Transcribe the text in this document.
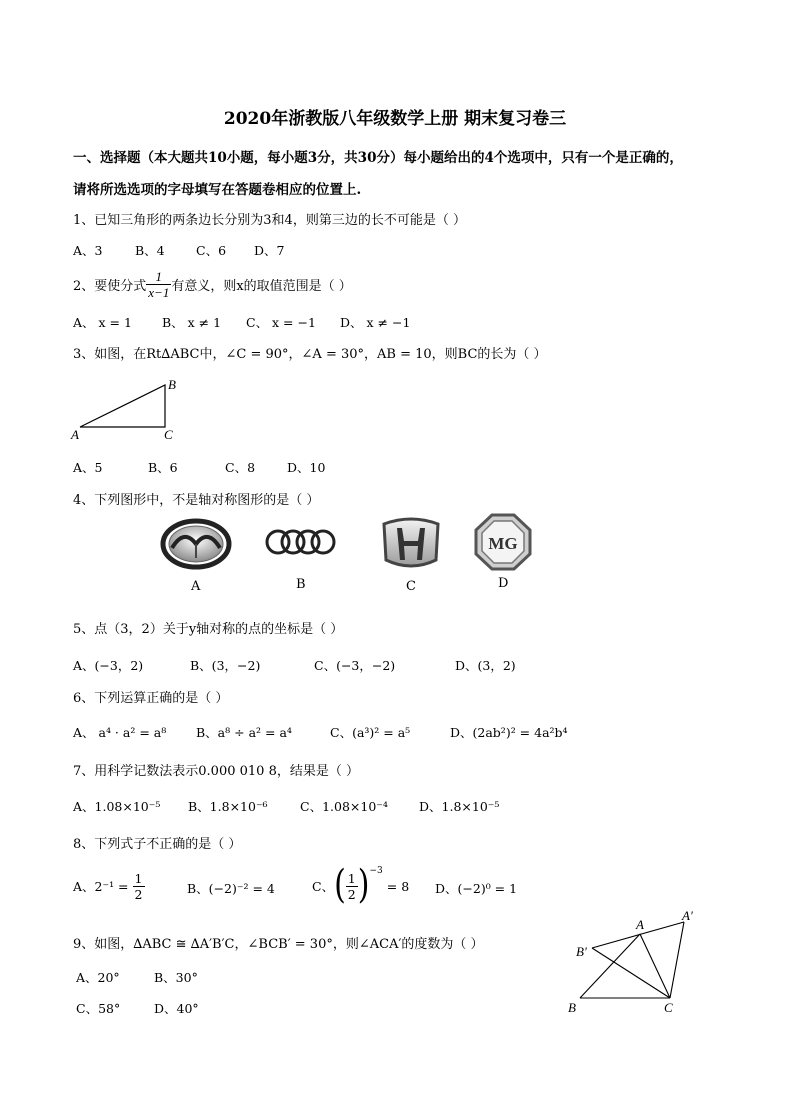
2020年浙教版八年级数学上册 期末复习卷三
一、选择题（本大题共10小题，每小题3分，共30分）每小题给出的4个选项中，只有一个是正确的，
请将所选选项的字母填写在答题卷相应的位置上.
1、已知三角形的两条边长分别为3和4，则第三边的长不可能是（ ）
A、3	B、4	C、6 D、7
2、要使分式 $\frac{1}{x-1}$ 有意义，则x的取值范围是（ ）
A、 x = 1 B、 x ≠ 1 C、 x = −1 D、 x ≠ −1
3、如图，在Rt∆ABC中，∠C = 90°，∠A = 30°，AB = 10，则BC的长为（ ）
A
B
C
A、5	B、6	C、8	D、10
4、下列图形中，不是轴对称图形的是（ ）
A	B	C
MG
D
5、点（3，2）关于y轴对称的点的坐标是（ ）
A、(−3，2)	B、(3，−2)	C、(−3，−2)	D、(3，2)
6、下列运算正确的是（ ）
A、 a⁴ · a² = a⁸ B、a⁸ ÷ a² = a⁴	C、(a³)² = a⁵	D、(2ab²)² = 4a²b⁴
7、用科学记数法表示0.000 010 8，结果是（ ）
A、1.08×10⁻⁵ B、1.8×10⁻⁶	C、1.08×10⁻⁴ D、1.8×10⁻⁵
8、下列式子不正确的是（ ）
A、$2^{-1} = \frac{1}{2}$	B、(−2)⁻² = 4	C、 ( $\frac{1}{2}$ ) −3
= 8 D、(−2)⁰ = 1
9、如图，∆ABC ≅ ∆A′B′C，∠BCB′ = 30°，则∠ACA′的度数为（ ）
A、20°	B、30°
C、58°	D、40°
A
A′
B′
B	C
